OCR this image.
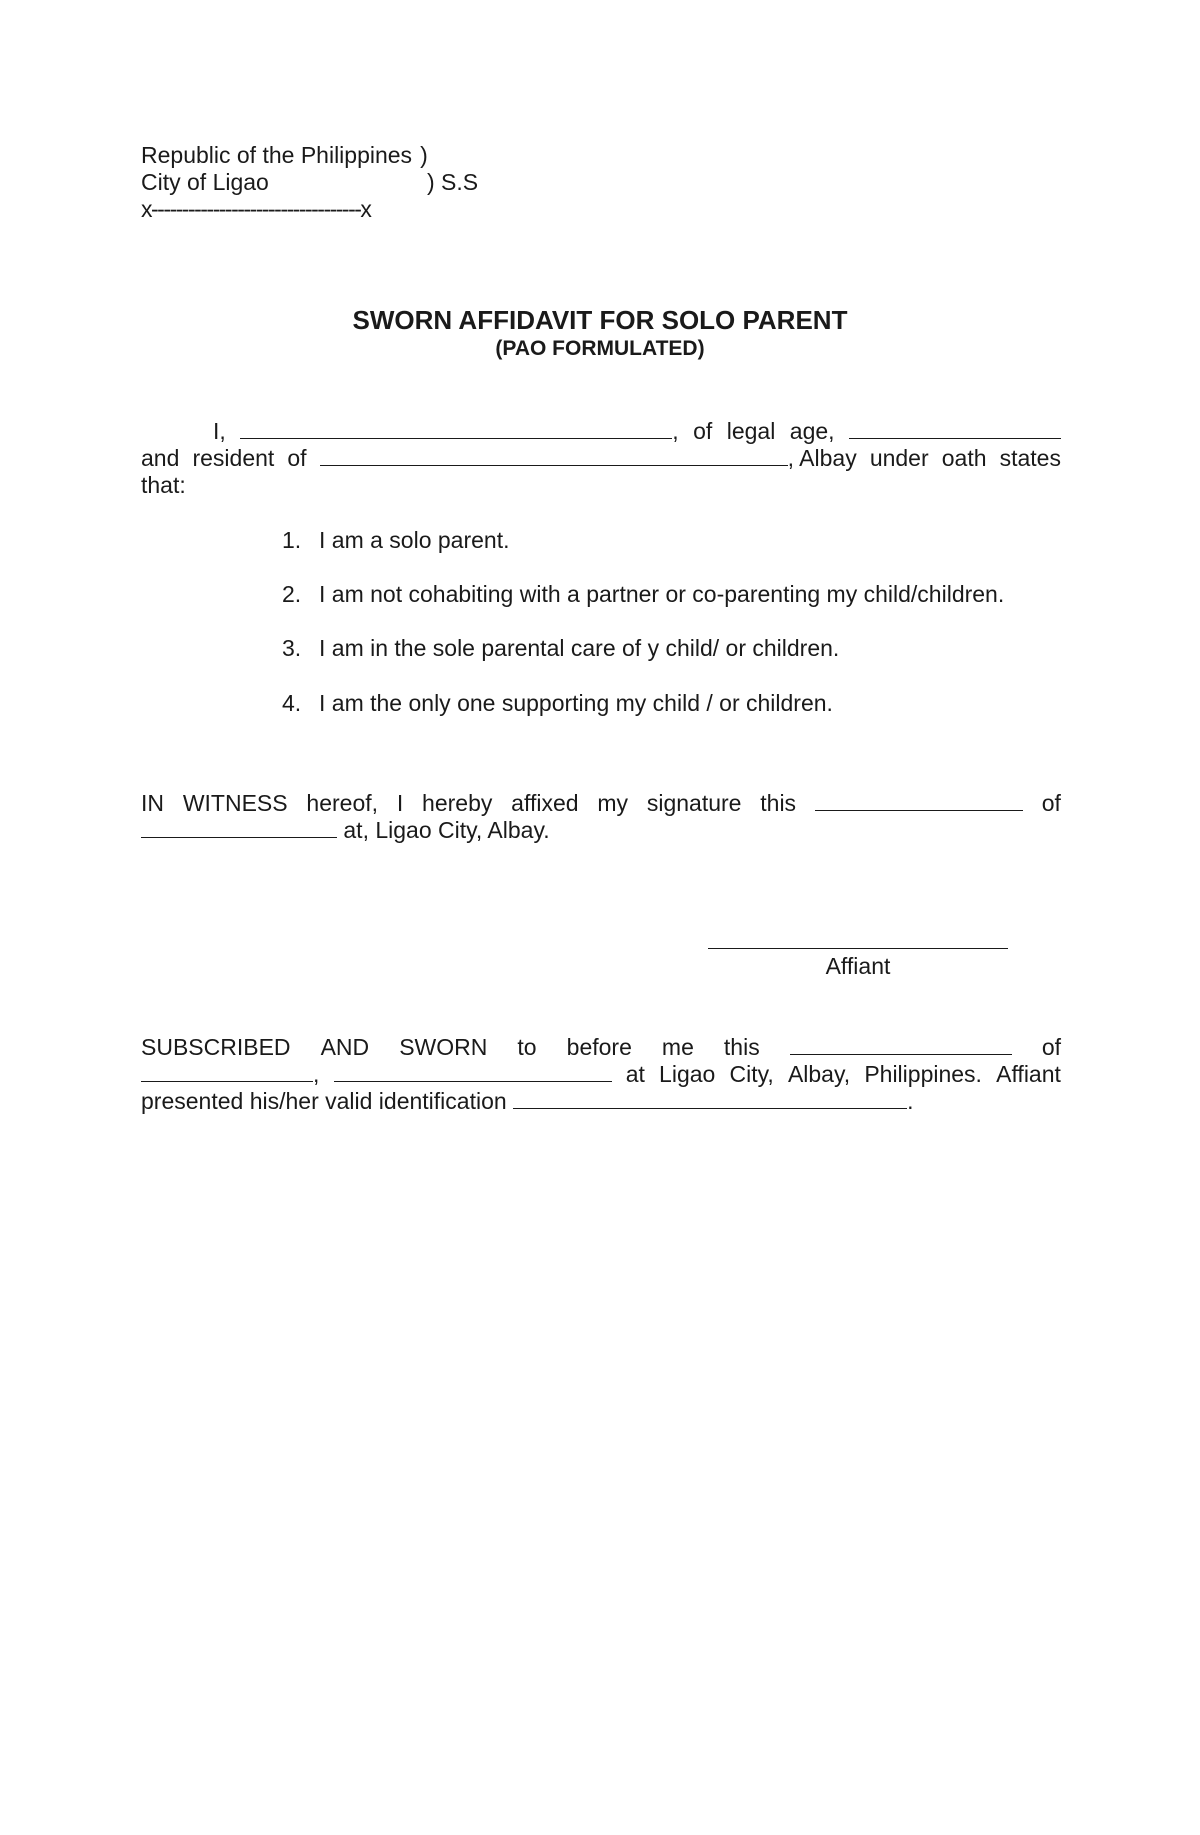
Republic of the Philippines )
City of Ligao	) S.S
x----------------------------------x
SWORN AFFIDAVIT FOR SOLO PARENT
(PAO FORMULATED)
I,	, of legal age,
and resident of	, Albay under oath states
that:
1. I am a solo parent.
2. I am not cohabiting with a partner or co-parenting my child/children.
3. I am in the sole parental care of y child/ or children.
4. I am the only one supporting my child / or children.
IN WITNESS hereof, I hereby affixed my signature this	of
at, Ligao City, Albay.
Affiant
SUBSCRIBED AND SWORN to before me this	of
,	at Ligao City, Albay, Philippines. Affiant
presented his/her valid identification	.
